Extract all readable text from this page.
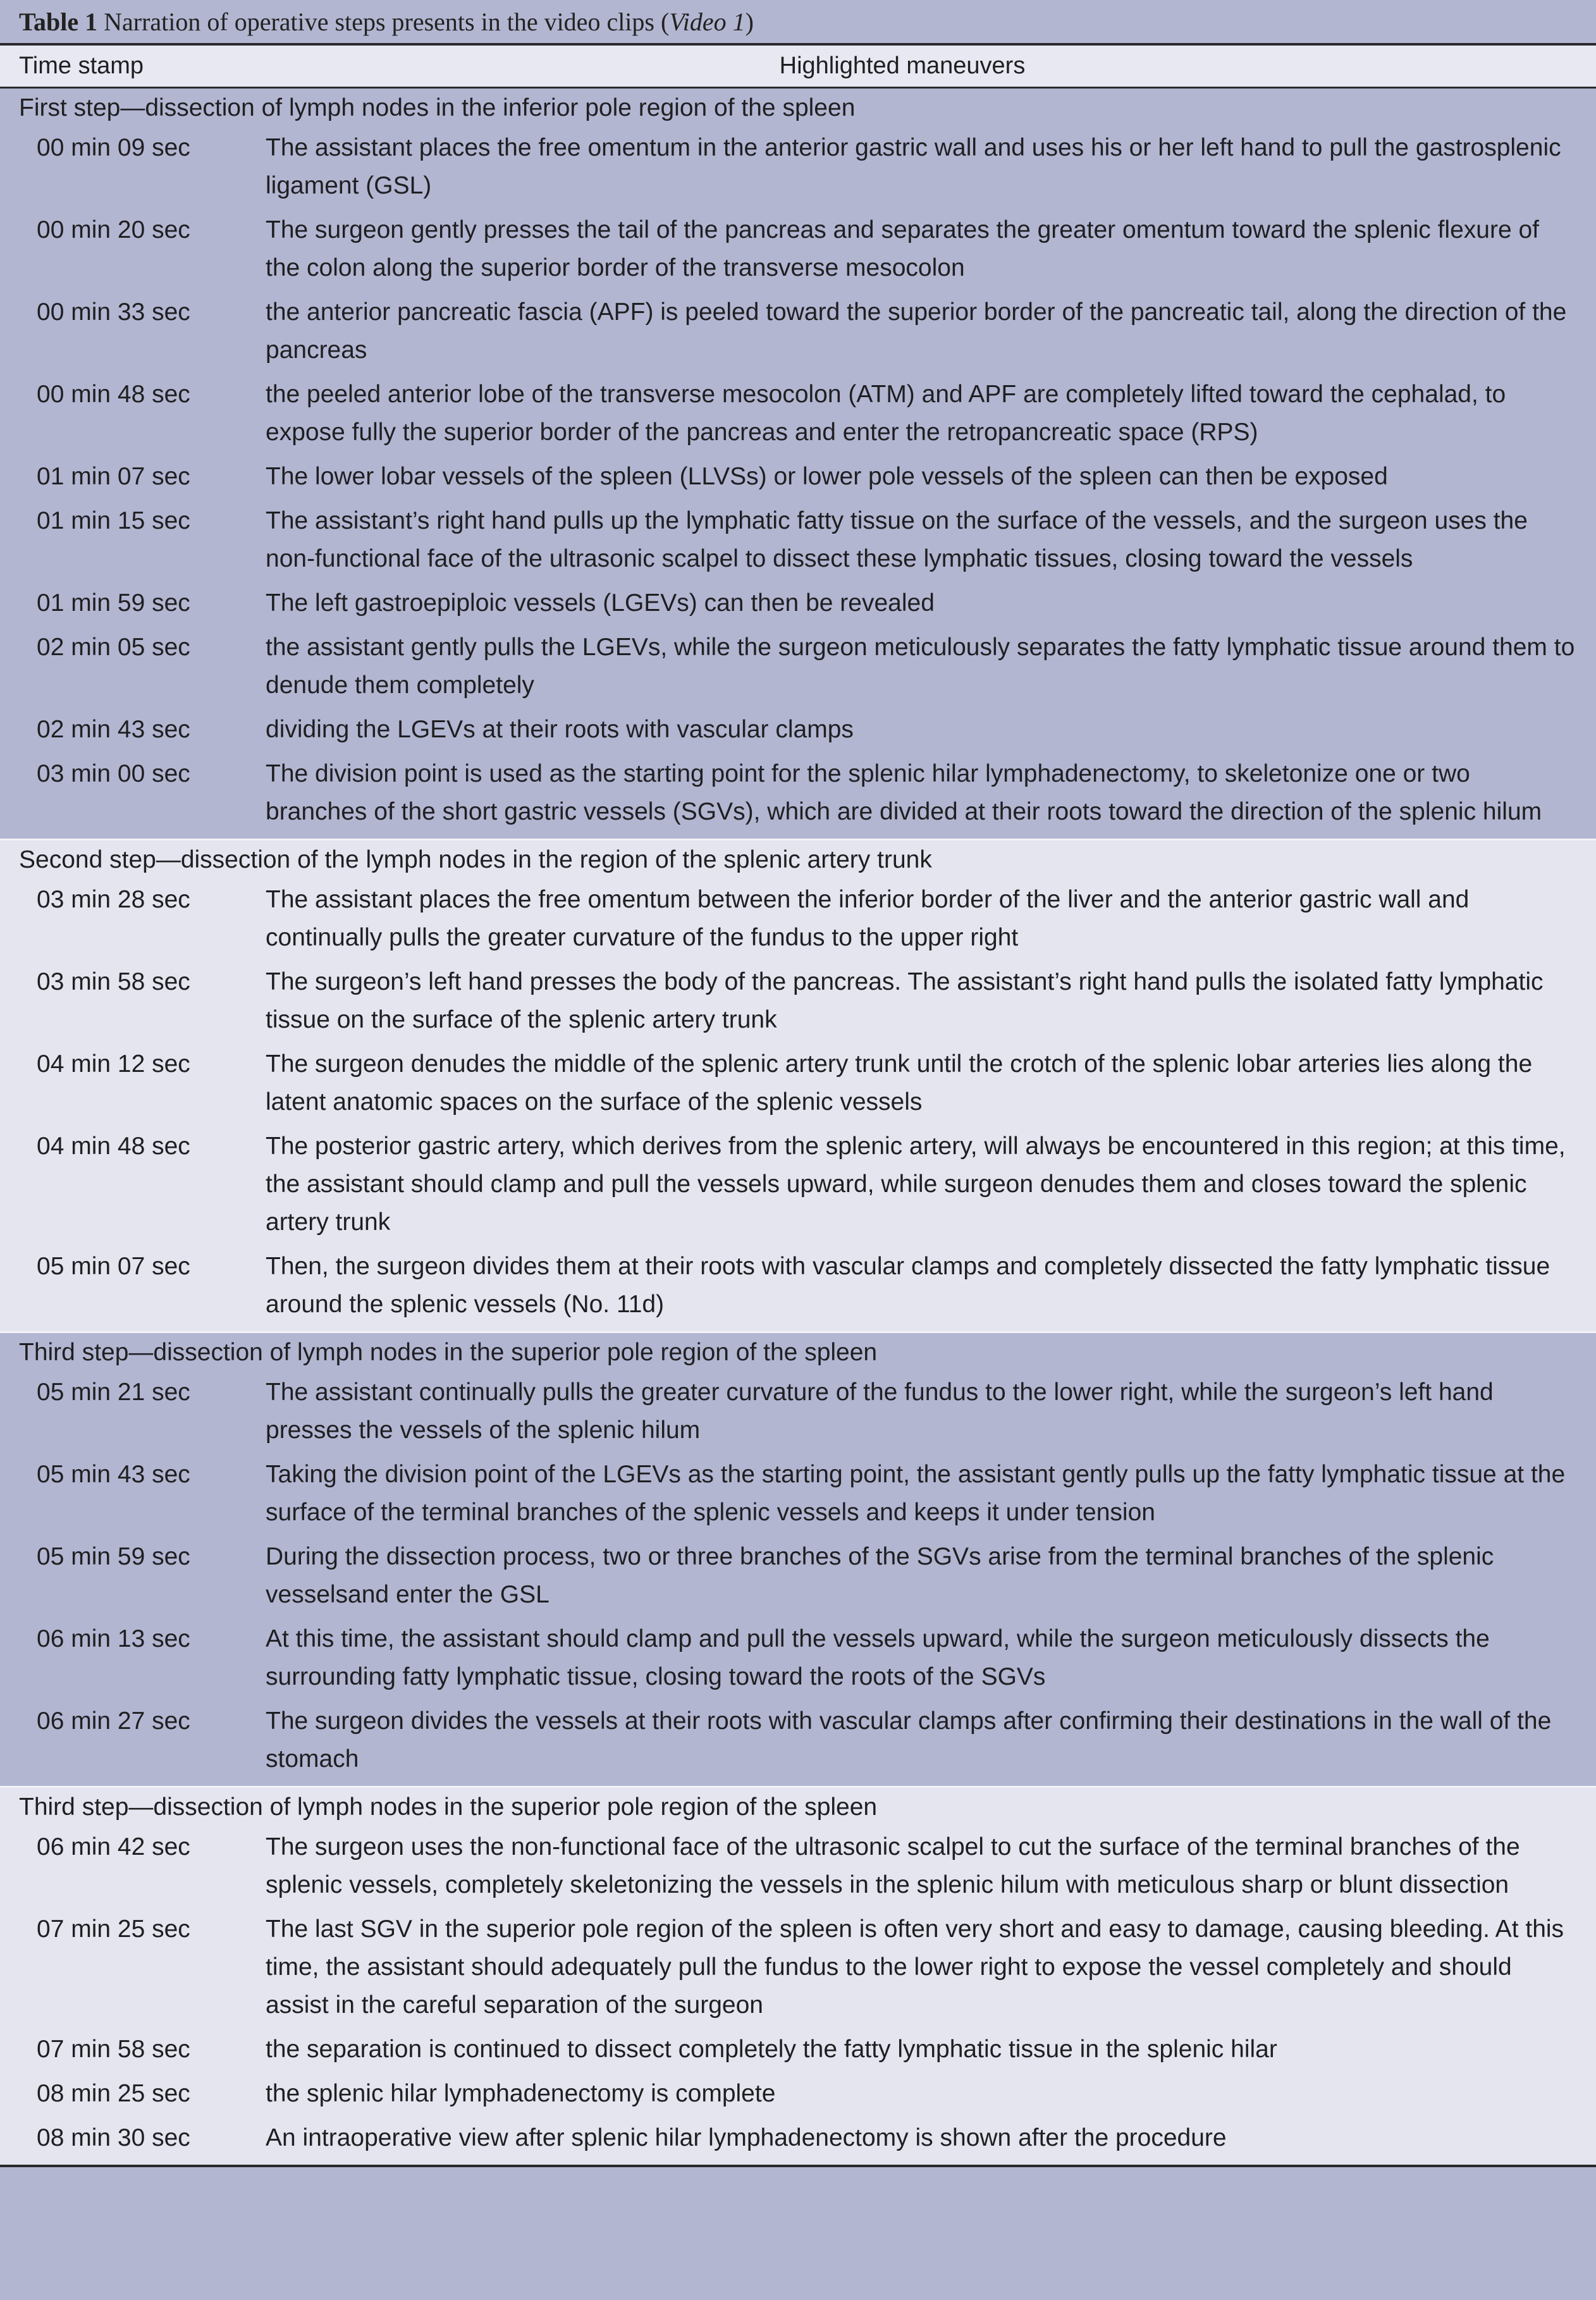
Table 1 Narration of operative steps presents in the video clips ( Video 1 )
Time stamp	Highlighted maneuvers
First step—dissection of lymph nodes in the inferior pole region of the spleen
00 min 09 sec	The assistant places the free omentum in the anterior gastric wall and uses his or her left hand to pull the gastrosplenic ligament (GSL)
00 min 20 sec	The surgeon gently presses the tail of the pancreas and separates the greater omentum toward the splenic flexure of the colon along the superior border of the transverse mesocolon
00 min 33 sec	the anterior pancreatic fascia (APF) is peeled toward the superior border of the pancreatic tail, along the direction of the pancreas
00 min 48 sec	the peeled anterior lobe of the transverse mesocolon (ATM) and APF are completely lifted toward the cephalad, to expose fully the superior border of the pancreas and enter the retropancreatic space (RPS)
01 min 07 sec	The lower lobar vessels of the spleen (LLVSs) or lower pole vessels of the spleen can then be exposed
01 min 15 sec	The assistant’s right hand pulls up the lymphatic fatty tissue on the surface of the vessels, and the surgeon uses the non-functional face of the ultrasonic scalpel to dissect these lymphatic tissues, closing toward the vessels
01 min 59 sec	The left gastroepiploic vessels (LGEVs) can then be revealed
02 min 05 sec	the assistant gently pulls the LGEVs, while the surgeon meticulously separates the fatty lymphatic tissue around them to denude them completely
02 min 43 sec	dividing the LGEVs at their roots with vascular clamps
03 min 00 sec	The division point is used as the starting point for the splenic hilar lymphadenectomy, to skeletonize one or two branches of the short gastric vessels (SGVs), which are divided at their roots toward the direction of the splenic hilum
Second step—dissection of the lymph nodes in the region of the splenic artery trunk
03 min 28 sec	The assistant places the free omentum between the inferior border of the liver and the anterior gastric wall and continually pulls the greater curvature of the fundus to the upper right
03 min 58 sec	The surgeon’s left hand presses the body of the pancreas. The assistant’s right hand pulls the isolated fatty lymphatic tissue on the surface of the splenic artery trunk
04 min 12 sec	The surgeon denudes the middle of the splenic artery trunk until the crotch of the splenic lobar arteries lies along the latent anatomic spaces on the surface of the splenic vessels
04 min 48 sec	The posterior gastric artery, which derives from the splenic artery, will always be encountered in this region; at this time, the assistant should clamp and pull the vessels upward, while surgeon denudes them and closes toward the splenic artery trunk
05 min 07 sec	Then, the surgeon divides them at their roots with vascular clamps and completely dissected the fatty lymphatic tissue around the splenic vessels (No. 11d)
Third step—dissection of lymph nodes in the superior pole region of the spleen
05 min 21 sec	The assistant continually pulls the greater curvature of the fundus to the lower right, while the surgeon’s left hand presses the vessels of the splenic hilum
05 min 43 sec	Taking the division point of the LGEVs as the starting point, the assistant gently pulls up the fatty lymphatic tissue at the surface of the terminal branches of the splenic vessels and keeps it under tension
05 min 59 sec	During the dissection process, two or three branches of the SGVs arise from the terminal branches of the splenic vesselsand enter the GSL
06 min 13 sec	At this time, the assistant should clamp and pull the vessels upward, while the surgeon meticulously dissects the surrounding fatty lymphatic tissue, closing toward the roots of the SGVs
06 min 27 sec	The surgeon divides the vessels at their roots with vascular clamps after confirming their destinations in the wall of the stomach
Third step—dissection of lymph nodes in the superior pole region of the spleen
06 min 42 sec	The surgeon uses the non-functional face of the ultrasonic scalpel to cut the surface of the terminal branches of the splenic vessels, completely skeletonizing the vessels in the splenic hilum with meticulous sharp or blunt dissection
07 min 25 sec	The last SGV in the superior pole region of the spleen is often very short and easy to damage, causing bleeding. At this time, the assistant should adequately pull the fundus to the lower right to expose the vessel completely and should assist in the careful separation of the surgeon
07 min 58 sec	the separation is continued to dissect completely the fatty lymphatic tissue in the splenic hilar
08 min 25 sec	the splenic hilar lymphadenectomy is complete
08 min 30 sec	An intraoperative view after splenic hilar lymphadenectomy is shown after the procedure
